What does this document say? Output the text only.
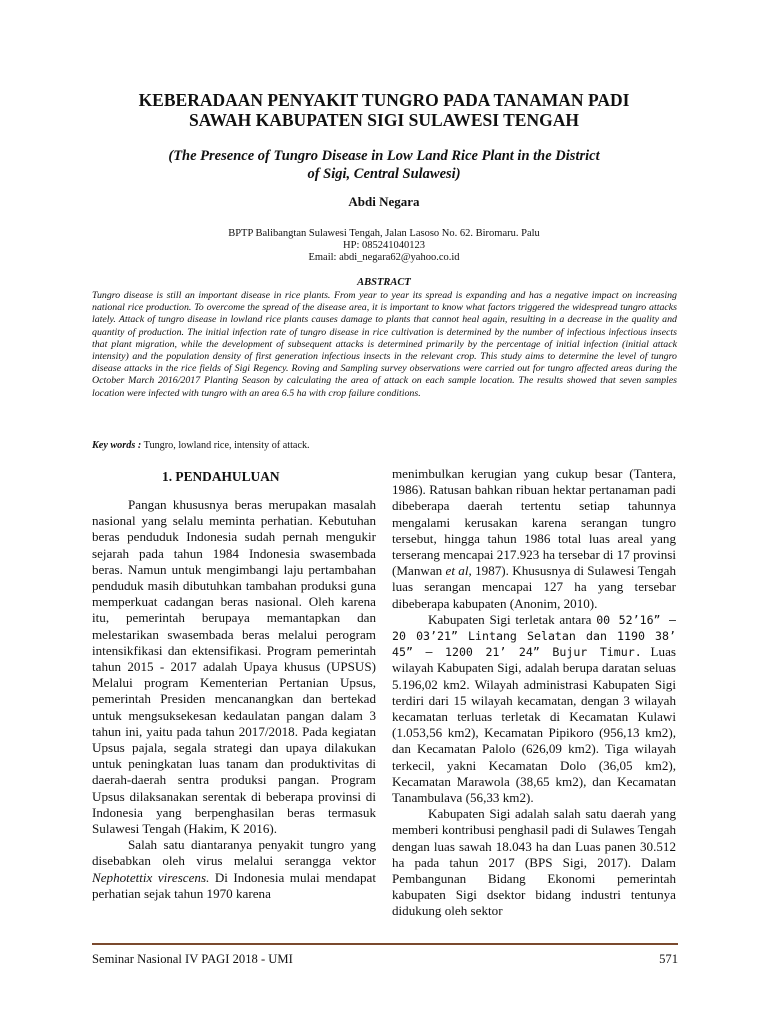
KEBERADAAN PENYAKIT TUNGRO PADA TANAMAN PADI
SAWAH KABUPATEN SIGI SULAWESI TENGAH
(The Presence of Tungro Disease in Low Land Rice Plant in the District
of Sigi, Central Sulawesi)
Abdi Negara
BPTP Balibangtan Sulawesi Tengah, Jalan Lasoso No. 62. Biromaru. Palu
HP: 085241040123
Email: abdi_negara62@yahoo.co.id
ABSTRACT

Tungro disease is still an important disease in rice plants. From year to year its spread is expanding and has a negative impact on increasing national rice production. To overcome the spread of the disease area, it is important to know what factors triggered the widespread tungro attacks lately. Attack of tungro disease in lowland rice plants causes damage to plants that cannot heal again, resulting in a decrease in the quality and quantity of production. The initial infection rate of tungro disease in rice cultivation is determined by the number of infectious infectious insects that plant migration, while the development of subsequent attacks is determined primarily by the percentage of initial infection (initial attack intensity) and the population density of first generation infectious insects in the relevant crop. This study aims to determine the level of tungro disease attacks in the rice fields of Sigi Regency. Roving and Sampling survey observations were carried out for tungro affected areas during the October March 2016/2017 Planting Season by calculating the area of attack on each sample location. The results showed that seven samples location were infected with tungro with an area 6.5 ha with crop failure conditions.

Key words : Tungro, lowland rice, intensity of attack.
1. PENDAHULUAN

Pangan khususnya beras merupakan masalah nasional yang selalu meminta perhatian. Kebutuhan beras penduduk Indonesia sudah pernah mengukir sejarah pada tahun 1984 Indonesia swasembada beras. Namun untuk mengimbangi laju pertambahan penduduk masih dibutuhkan tambahan produksi guna memperkuat cadangan beras nasional. Oleh karena itu, pemerintah berupaya memantapkan dan melestarikan swasembada beras melalui perogram intensikfikasi dan ektensifikasi. Program pemerintah tahun 2015 - 2017 adalah Upaya khusus (UPSUS) Melalui program Kementerian Pertanian Upsus, pemerintah Presiden mencanangkan dan bertekad untuk mengsuksekesan kedaulatan pangan dalam 3 tahun ini, yaitu pada tahun 2017/2018. Pada kegiatan Upsus pajala, segala strategi dan upaya dilakukan untuk peningkatan luas tanam dan produktivitas di daerah-daerah sentra produksi pangan. Program Upsus dilaksanakan serentak di beberapa provinsi di Indonesia yang berpenghasilan beras termasuk Sulawesi Tengah (Hakim, K 2016).

Salah satu diantaranya penyakit tungro yang disebabkan oleh virus melalui serangga vektor Nephotettix virescens. Di Indonesia mulai mendapat perhatian sejak tahun 1970 karena

menimbulkan kerugian yang cukup besar (Tantera, 1986). Ratusan bahkan ribuan hektar pertanaman padi dibeberapa daerah tertentu setiap tahunnya mengalami kerusakan karena serangan tungro tersebut, hingga tahun 1986 total luas areal yang terserang mencapai 217.923 ha tersebar di 17 provinsi (Manwan et al, 1987). Khususnya di Sulawesi Tengah luas serangan mencapai 127 ha yang tersebar dibeberapa kabupaten (Anonim, 2010).

Kabupaten Sigi terletak antara 00 52’16” – 20 03’21” Lintang Selatan dan 1190 38’ 45” – 1200 21’ 24” Bujur Timur. Luas wilayah Kabupaten Sigi, adalah berupa daratan seluas 5.196,02 km2. Wilayah administrasi Kabupaten Sigi terdiri dari 15 wilayah kecamatan, dengan 3 wilayah kecamatan terluas terletak di Kecamatan Kulawi (1.053,56 km2), Kecamatan Pipikoro (956,13 km2), dan Kecamatan Palolo (626,09 km2). Tiga wilayah terkecil, yakni Kecamatan Dolo (36,05 km2), Kecamatan Marawola (38,65 km2), dan Kecamatan Tanambulava (56,33 km2).

Kabupaten Sigi adalah salah satu daerah yang memberi kontribusi penghasil padi di Sulawes Tengah dengan luas sawah 18.043 ha dan Luas panen 30.512 ha pada tahun 2017 (BPS Sigi, 2017). Dalam Pembangunan Bidang Ekonomi pemerintah kabupaten Sigi dsektor bidang industri tentunya didukung oleh sektor

Seminar Nasional IV PAGI 2018 - UMI	571
